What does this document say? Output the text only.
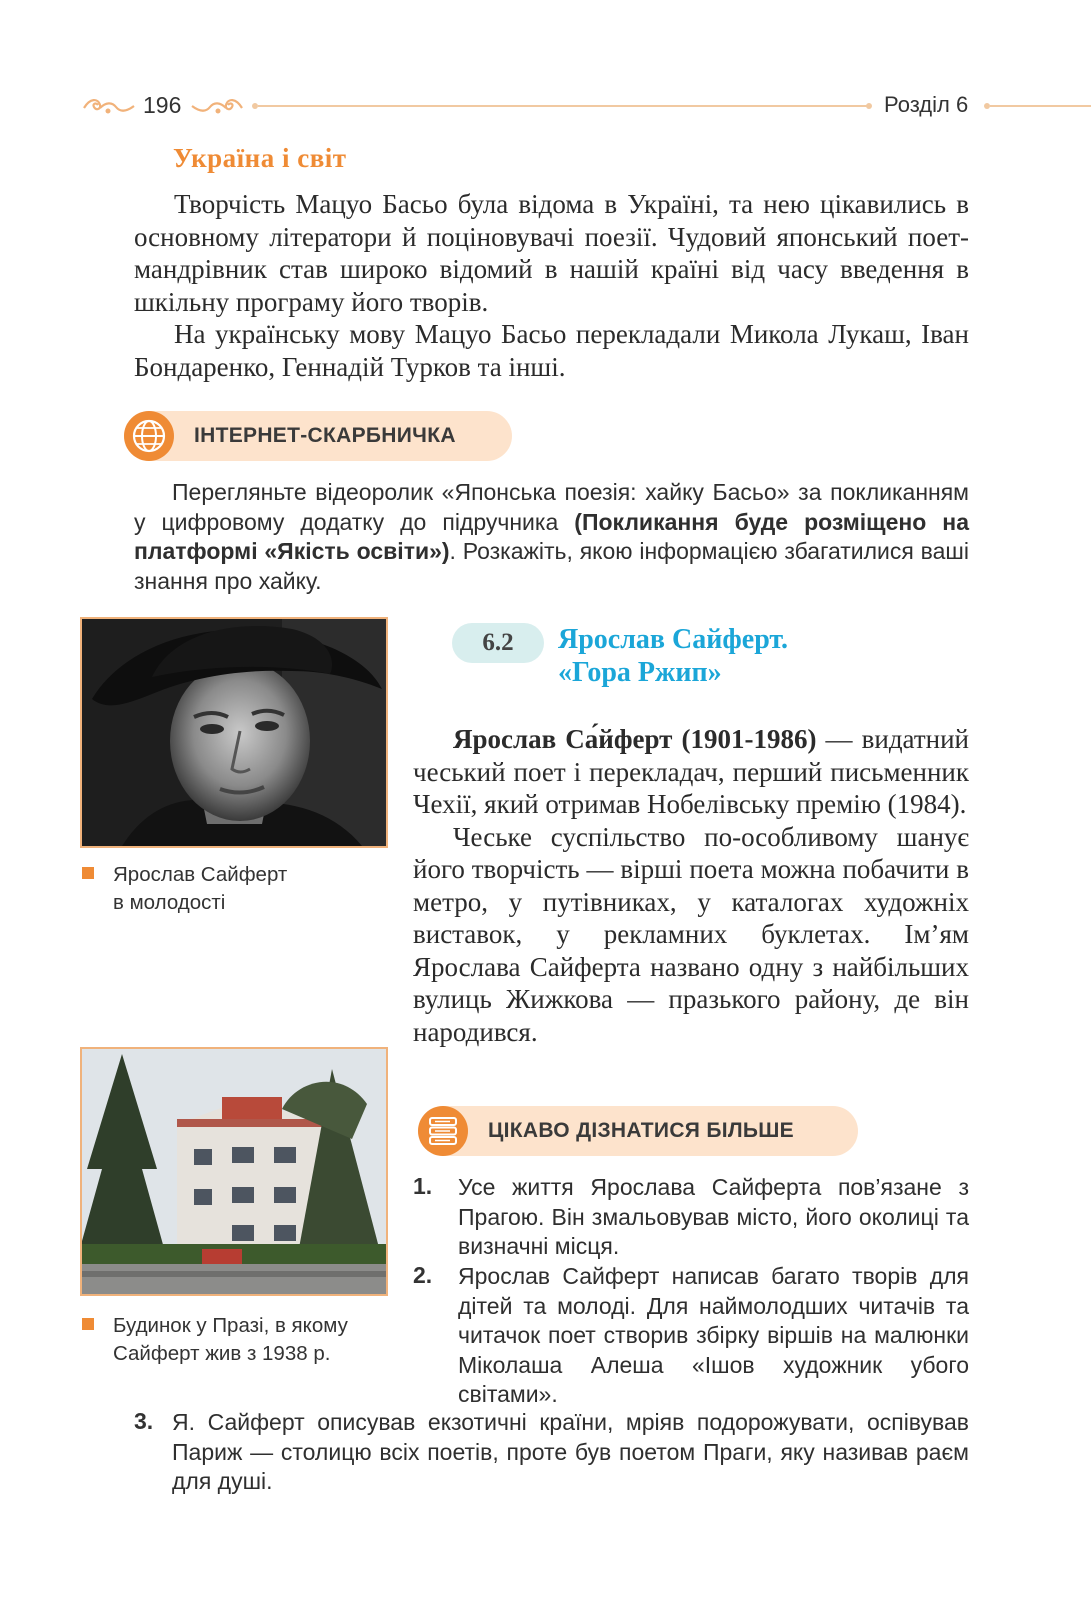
196	Розділ 6
Україна і світ

Творчість Мацуо Басьо була відома в Україні, та нею цікавились в основному літератори й поціновувачі поезії. Чудовий японський поет-мандрівник став широко відомий в нашій країні від часу введення в шкільну програму його творів.

На українську мову Мацуо Басьо перекладали Микола Лукаш, Іван Бондаренко, Геннадій Турков та інші.

ІНТЕРНЕТ-СКАРБНИЧКА

Перегляньте відеоролик «Японська поезія: хайку Басьо» за покликанням у цифровому додатку до підручника (Покликання буде розміщено на платформі «Якість освіти»). Розкажіть, якою інформацією збагатилися ваші знання про хайку.

Ярослав Сайферт
в молодості
Будинок у Празі, в якому
Сайферт жив з 1938 р.
6.2	Ярослав Сайферт.
«Гора Ржип»

Ярослав Са́йферт (1901-1986) — видатний чеський поет і перекладач, перший письменник Чехії, який отримав Нобелівську премію (1984).

Чеське суспільство по-особливому шанує його творчість — вірші поета можна побачити в метро, у путівниках, у каталогах художніх виставок, у рекламних буклетах. Ім’ям Ярослава Сайферта названо одну з найбільших вулиць Жижкова — празького району, де він народився.

ЦІКАВО ДІЗНАТИСЯ БІЛЬШЕ
1. Усе життя Ярослава Сайферта пов’язане з Прагою. Він змальовував місто, його околиці та визначні місця.

2. Ярослав Сайферт написав багато творів для дітей та молоді. Для наймолодших читачів та читачок поет створив збірку віршів на малюнки Міколаша Алеша «Ішов художник убого світами».

3. Я. Сайферт описував екзотичні країни, мріяв подорожувати, оспівував Париж — столицю всіх поетів, проте був поетом Праги, яку називав раєм для душі.
